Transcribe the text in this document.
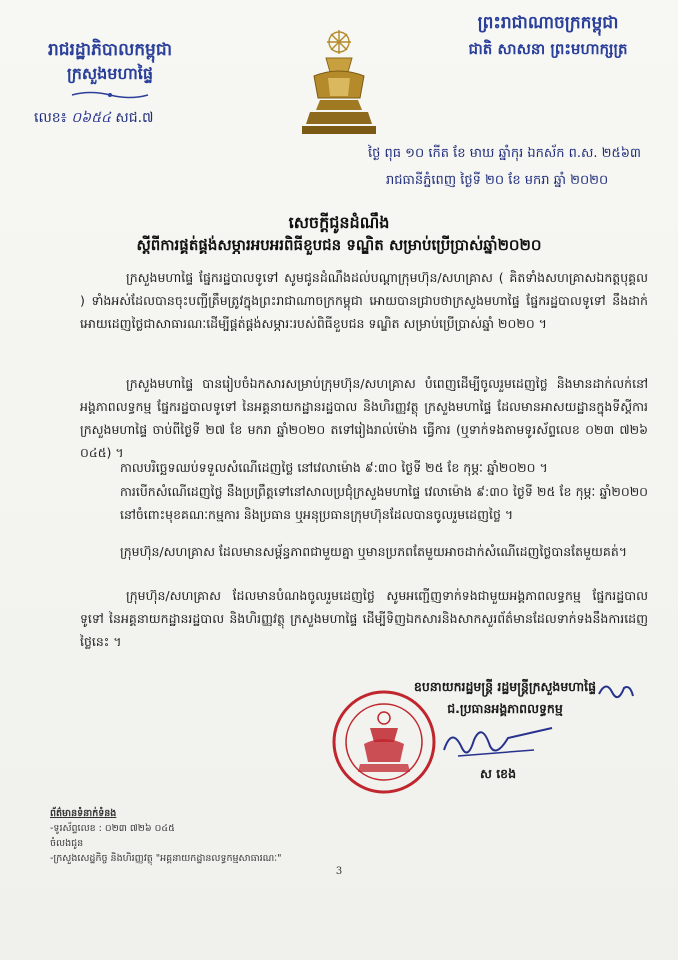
រាជរដ្ឋាភិបាលកម្ពុជា
ក្រសួងមហាផ្ទៃ
លេខ៖ ០៦៥៤ សជ.៧
ព្រះរាជាណាចក្រកម្ពុជា
ជាតិ សាសនា ព្រះមហាក្សត្រ
ថ្ងៃ ពុធ ១០ កើត ខែ មាឃ ឆ្នាំកុរ ឯកស័ក ព.ស. ២៥៦៣
រាជធានីភ្នំពេញ ថ្ងៃទី ២០ ខែ មករា ឆ្នាំ ២០២០
សេចក្តីជូនដំណឹង
ស្តីពីការផ្គត់ផ្គង់សម្ភារអបអរពិធីខួបជន ទណ្ឌិត សម្រាប់ប្រើប្រាស់ឆ្នាំ២០២០
ក្រសួងមហាផ្ទៃ ផ្នែករដ្ឋបាលទូទៅ សូមជូនដំណឹងដល់បណ្តាក្រុមហ៊ុន/សហគ្រាស ( គិតទាំងសហគ្រាសឯកត្តបុគ្គល ) ទាំងអស់ដែលបានចុះបញ្ជីត្រឹមត្រូវក្នុងព្រះរាជាណាចក្រកម្ពុជា អោយបានជ្រាបថាក្រសួងមហាផ្ទៃ ផ្នែករដ្ឋបាលទូទៅ នឹងដាក់អោយដេញថ្លៃជាសាធារណៈដើម្បីផ្គត់ផ្គង់សម្ភារៈរបស់ពិធីខួបជន ទណ្ឌិត សម្រាប់ប្រើប្រាស់ឆ្នាំ ២០២០ ។
ក្រសួងមហាផ្ទៃ បានរៀបចំឯកសារសម្រាប់ក្រុមហ៊ុន/សហគ្រាស បំពេញដើម្បីចូលរួមដេញថ្លៃ និងមានដាក់លក់នៅអង្គភាពលទ្ធកម្ម ផ្នែករដ្ឋបាលទូទៅ នៃអគ្គនាយកដ្ឋានរដ្ឋបាល និងហិរញ្ញវត្ថុ ក្រសួងមហាផ្ទៃ ដែលមានអាសយដ្ឋានក្នុងទីស្តីការក្រសួងមហាផ្ទៃ ចាប់ពីថ្ងៃទី ២៧ ខែ មករា ឆ្នាំ២០២០ តទៅរៀងរាល់ម៉ោង ធ្វើការ (ឬទាក់ទងតាមទូរស័ព្ទលេខ ០២៣ ៧២៦ ០៤៥) ។
កាលបរិច្ឆេទឈប់ទទួលសំណើដេញថ្លៃ នៅវេលាម៉ោង ៩:៣០ ថ្ងៃទី ២៥ ខែ កុម្ភៈ ឆ្នាំ២០២០ ។
ការបើកសំណើដេញថ្លៃ នឹងប្រព្រឹត្តទៅនៅសាលប្រជុំក្រសួងមហាផ្ទៃ វេលាម៉ោង ៩:៣០ ថ្ងៃទី ២៥ ខែ កុម្ភៈ ឆ្នាំ២០២០ នៅចំពោះមុខគណៈកម្មការ និងប្រធាន ឬអនុប្រធានក្រុមហ៊ុនដែលបានចូលរួមដេញថ្លៃ ។
ក្រុមហ៊ុន/សហគ្រាស ដែលមានសម្ព័ន្ធភាពជាមួយគ្នា ឬមានប្រភពតែមួយអាចដាក់សំណើដេញថ្លៃបានតែមួយគត់។
ក្រុមហ៊ុន/សហគ្រាស ដែលមានបំណងចូលរួមដេញថ្លៃ សូមអញ្ជើញទាក់ទងជាមួយអង្គភាពលទ្ធកម្ម ផ្នែករដ្ឋបាលទូទៅ នៃអគ្គនាយកដ្ឋានរដ្ឋបាល និងហិរញ្ញវត្ថុ ក្រសួងមហាផ្ទៃ ដើម្បីទិញឯកសារនិងសាកសួរព័ត៌មានដែលទាក់ទងនឹងការដេញថ្លៃនេះ ។
ឧបនាយករដ្ឋមន្ត្រី រដ្ឋមន្ត្រីក្រសួងមហាផ្ទៃ
ជ.ប្រធានអង្គភាពលទ្ធកម្ម
ស ខេង
ព័ត៌មានទំនាក់ទំនង
-ទូរស័ព្ទលេខ : ០២៣ ៧២៦ ០៤៥
ចំលងជូន
-ក្រសួងសេដ្ឋកិច្ច និងហិរញ្ញវត្ថុ "អគ្គនាយកដ្ឋានលទ្ធកម្មសាធារណៈ"
3
